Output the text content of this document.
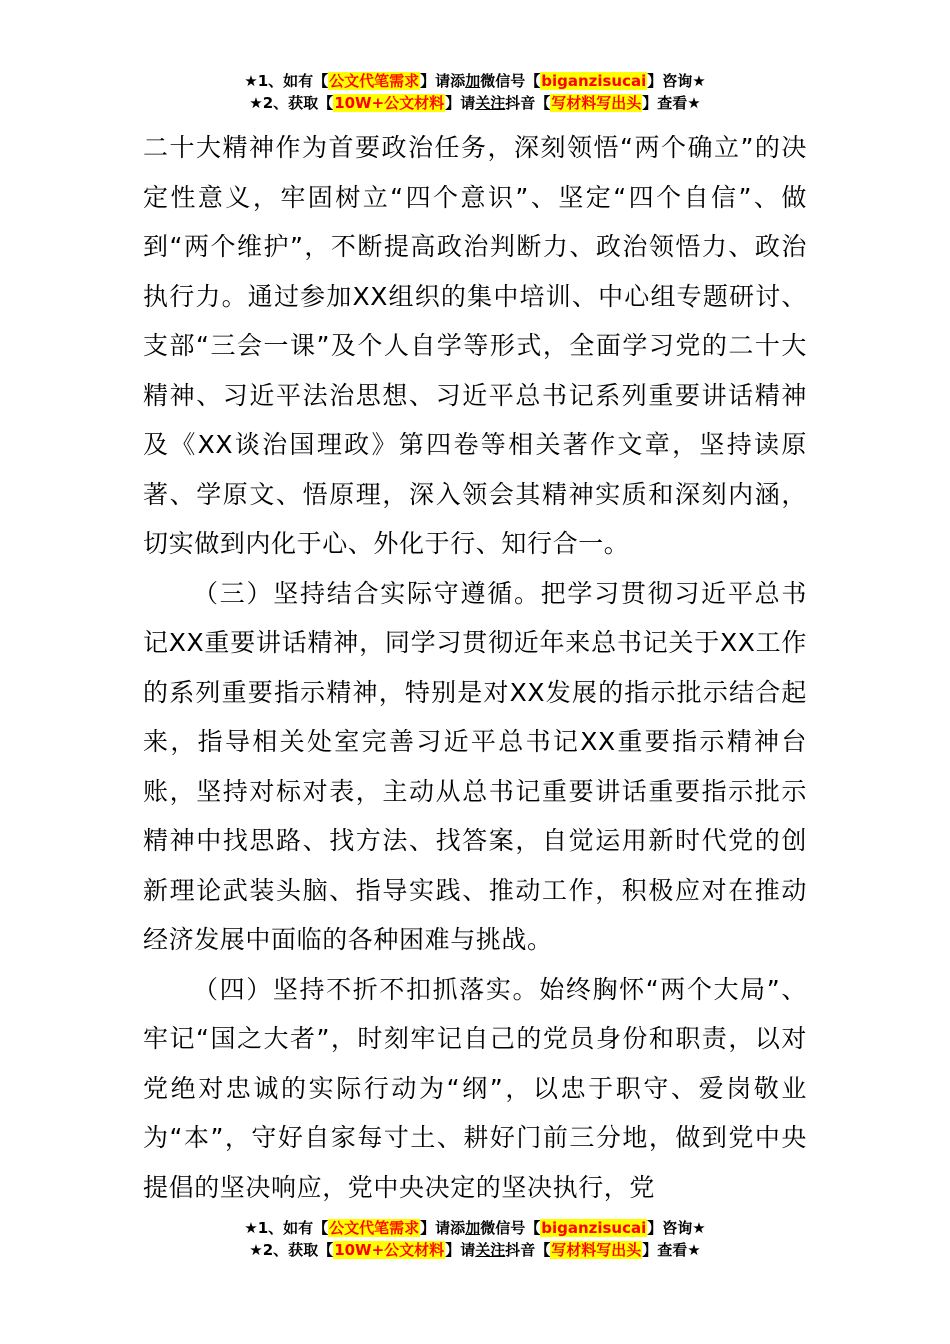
★1、如有【公文代笔需求】请添加微信号【biganzisucai】咨询★
★2、获取【10W+公文材料】请关注抖音【写材料写出头】查看★

二十大精神作为首要政治任务，深刻领悟“两个确立”的决定性意义，牢固树立“四个意识”、坚定“四个自信”、做到“两个维护”，不断提高政治判断力、政治领悟力、政治执行力。通过参加XX组织的集中培训、中心组专题研讨、支部“三会一课”及个人自学等形式，全面学习党的二十大精神、习近平法治思想、习近平总书记系列重要讲话精神及《XX谈治国理政》第四卷等相关著作文章，坚持读原著、学原文、悟原理，深入领会其精神实质和深刻内涵，切实做到内化于心、外化于行、知行合一。

（三）坚持结合实际守遵循。把学习贯彻习近平总书记XX重要讲话精神，同学习贯彻近年来总书记关于XX工作的系列重要指示精神，特别是对XX发展的指示批示结合起来，指导相关处室完善习近平总书记XX重要指示精神台账，坚持对标对表，主动从总书记重要讲话重要指示批示精神中找思路、找方法、找答案，自觉运用新时代党的创新理论武装头脑、指导实践、推动工作，积极应对在推动经济发展中面临的各种困难与挑战。

（四）坚持不折不扣抓落实。始终胸怀“两个大局”、牢记“国之大者”，时刻牢记自己的党员身份和职责，以对党绝对忠诚的实际行动为“纲”，以忠于职守、爱岗敬业为“本”，守好自家每寸土、耕好门前三分地，做到党中央提倡的坚决响应，党中央决定的坚决执行，党

★1、如有【公文代笔需求】请添加微信号【biganzisucai】咨询★
★2、获取【10W+公文材料】请关注抖音【写材料写出头】查看★
